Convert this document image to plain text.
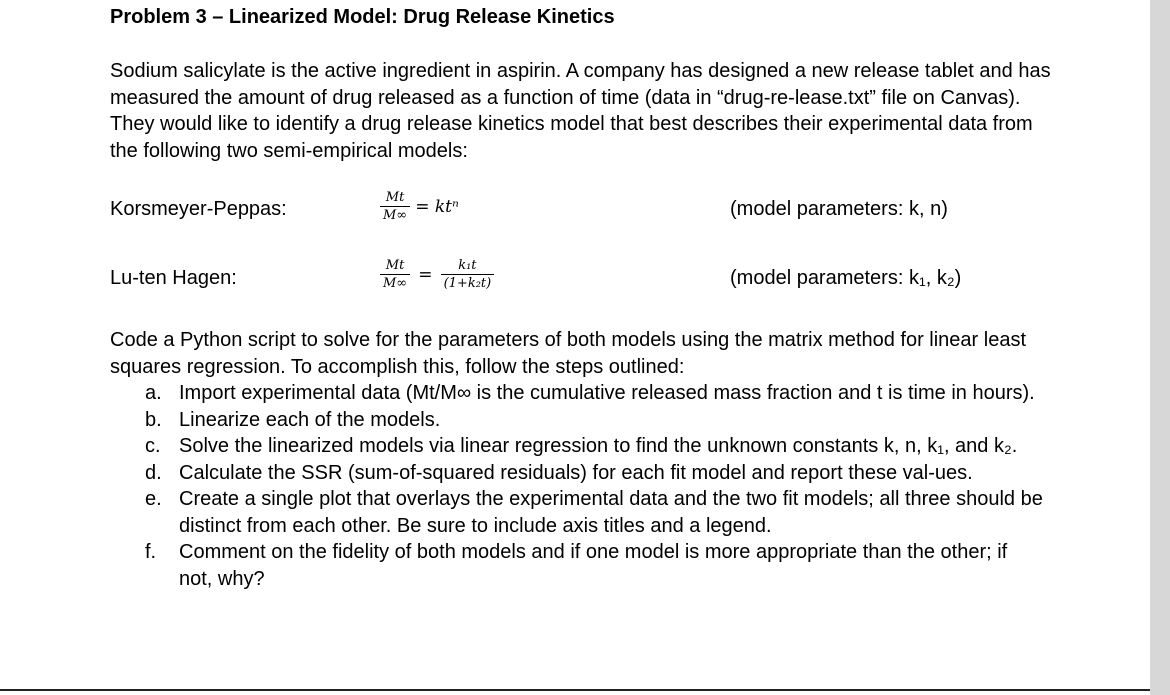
Problem 3 – Linearized Model: Drug Release Kinetics
Sodium salicylate is the active ingredient in aspirin. A company has designed a new release tablet and has measured the amount of drug released as a function of time (data in “drug-re-lease.txt” file on Canvas). They would like to identify a drug release kinetics model that best describes their experimental data from the following two semi-empirical models:
Korsmeyer-Peppas:	$\frac{Mt}{M\infty} = kt^n$	(model parameters: k, n)
Lu-ten Hagen:	$\frac{Mt}{M\infty} = \frac{\text{k₁t}}{\text{(1+k₂t)}}$	(model parameters: k₁, k₂)
Code a Python script to solve for the parameters of both models using the matrix method for linear least squares regression. To accomplish this, follow the steps outlined:
a. Import experimental data (Mt/M∞ is the cumulative released mass fraction and t is time in hours).
b. Linearize each of the models.
c. Solve the linearized models via linear regression to find the unknown constants k, n, k₁, and k₂.
d. Calculate the SSR (sum-of-squared residuals) for each fit model and report these val-ues.
e. Create a single plot that overlays the experimental data and the two fit models; all three should be distinct from each other. Be sure to include axis titles and a legend.
f. Comment on the fidelity of both models and if one model is more appropriate than the other; if not, why?
